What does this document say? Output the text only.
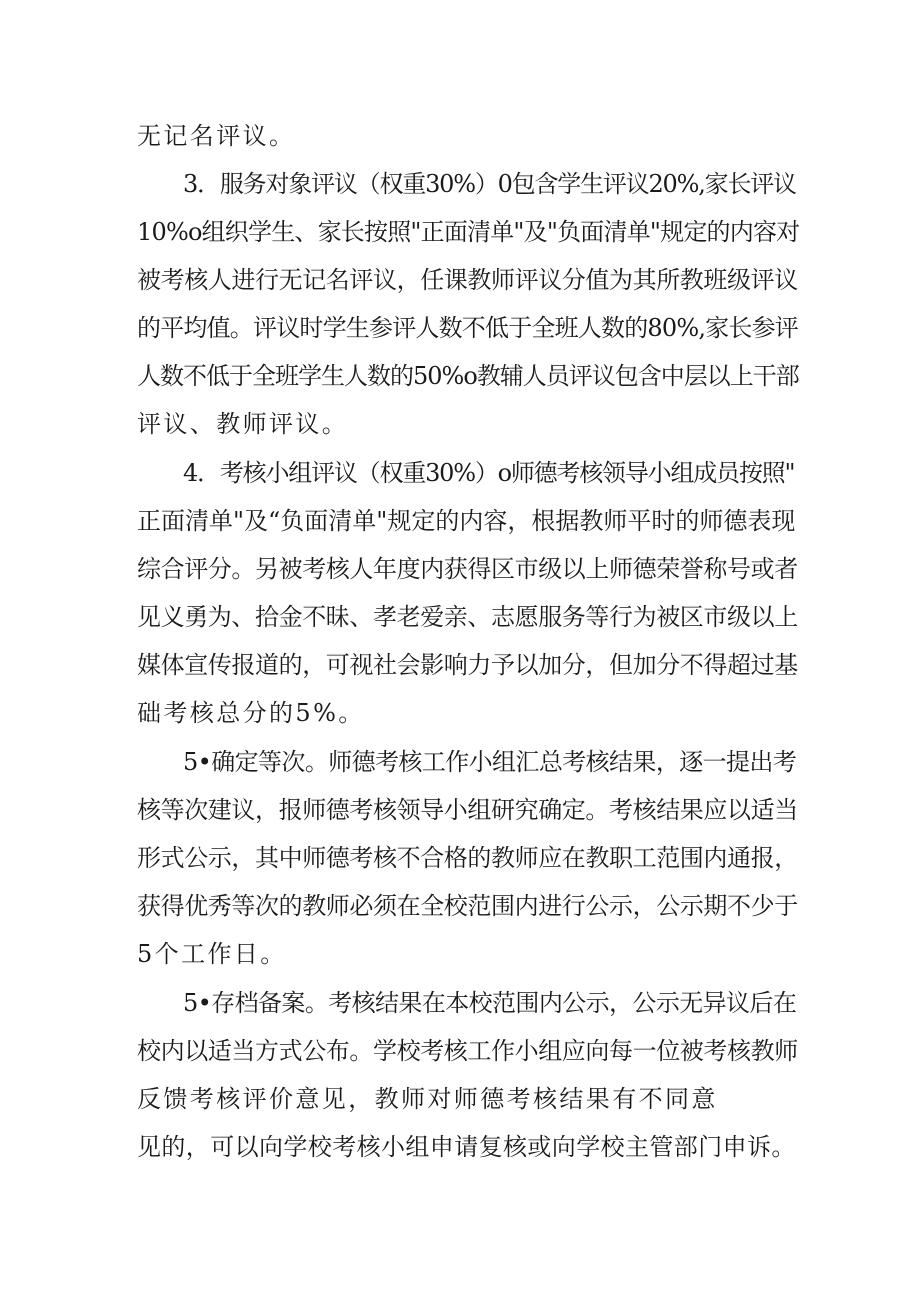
无记名评议。

3．服务对象评议（权重30%）0包含学生评议20%,家长评议

10%o组织学生、家长按照"正面清单"及"负面清单"规定的内容对

被考核人进行无记名评议，任课教师评议分值为其所教班级评议

的平均值。评议时学生参评人数不低于全班人数的80%,家长参评

人数不低于全班学生人数的50%o教辅人员评议包含中层以上干部

评议、教师评议。

4．考核小组评议（权重30%）o师德考核领导小组成员按照"

正面清单"及“负面清单"规定的内容，根据教师平时的师德表现

综合评分。另被考核人年度内获得区市级以上师德荣誉称号或者

见义勇为、拾金不昧、孝老爱亲、志愿服务等行为被区市级以上

媒体宣传报道的，可视社会影响力予以加分，但加分不得超过基

础考核总分的5%。

5•确定等次。师德考核工作小组汇总考核结果，逐一提出考

核等次建议，报师德考核领导小组研究确定。考核结果应以适当

形式公示，其中师德考核不合格的教师应在教职工范围内通报，

获得优秀等次的教师必须在全校范围内进行公示，公示期不少于

5个工作日。

5•存档备案。考核结果在本校范围内公示，公示无异议后在

校内以适当方式公布。学校考核工作小组应向每一位被考核教师

反馈考核评价意见，教师对师德考核结果有不同意

见的，可以向学校考核小组申请复核或向学校主管部门申诉。
